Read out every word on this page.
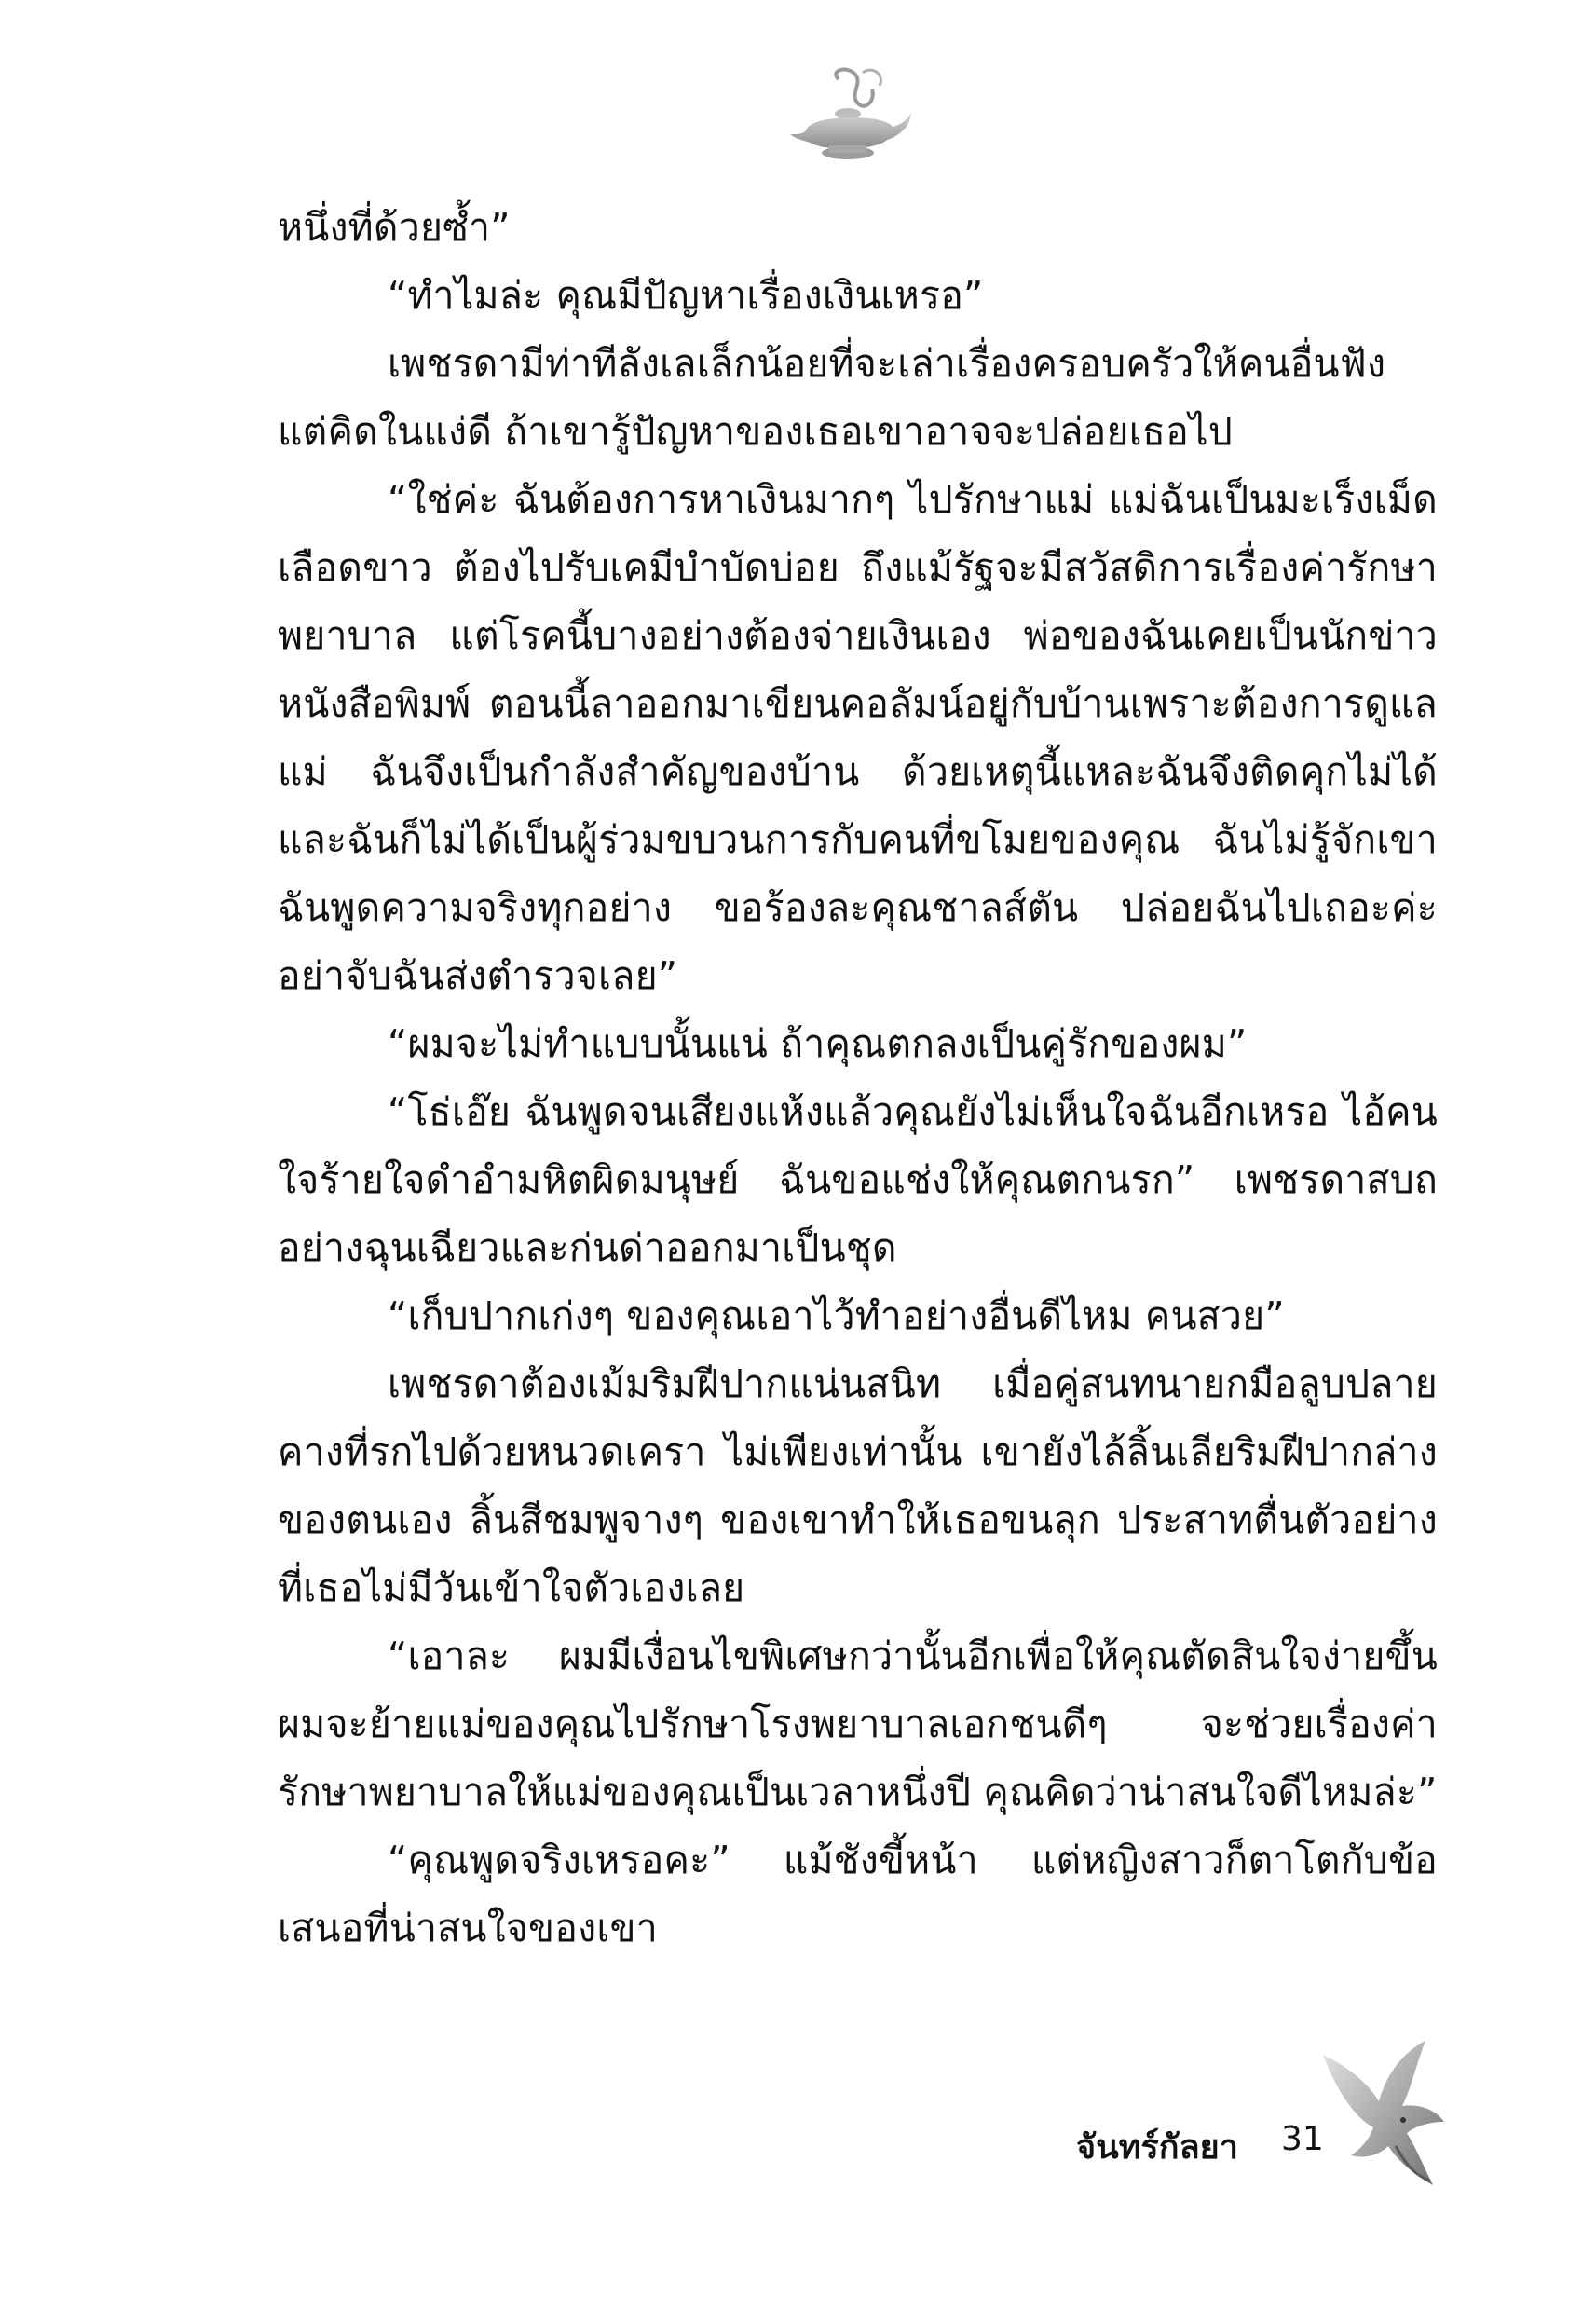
หนึ่งที่ด้วยซ้ำ”

“ทำไมล่ะ คุณมีปัญหาเรื่องเงินเหรอ”

เพชรดามีท่าทีลังเลเล็กน้อยที่จะเล่าเรื่องครอบครัวให้คนอื่นฟัง แต่คิดในแง่ดี ถ้าเขารู้ปัญหาของเธอเขาอาจจะปล่อยเธอไป

“ใช่ค่ะ ฉันต้องการหาเงินมากๆ ไปรักษาแม่ แม่ฉันเป็นมะเร็งเม็ดเลือดขาว ต้องไปรับเคมีบำบัดบ่อย ถึงแม้รัฐจะมีสวัสดิการเรื่องค่ารักษาพยาบาล แต่โรคนี้บางอย่างต้องจ่ายเงินเอง พ่อของฉันเคยเป็นนักข่าวหนังสือพิมพ์ ตอนนี้ลาออกมาเขียนคอลัมน์อยู่กับบ้านเพราะต้องการดูแลแม่ ฉันจึงเป็นกำลังสำคัญของบ้าน ด้วยเหตุนี้แหละฉันจึงติดคุกไม่ได้ และฉันก็ไม่ได้เป็นผู้ร่วมขบวนการกับคนที่ขโมยของคุณ ฉันไม่รู้จักเขา ฉันพูดความจริงทุกอย่าง ขอร้องละคุณชาลส์ตัน ปล่อยฉันไปเถอะค่ะ อย่าจับฉันส่งตำรวจเลย”

“ผมจะไม่ทำแบบนั้นแน่ ถ้าคุณตกลงเป็นคู่รักของผม”

“โธ่เอ๊ย ฉันพูดจนเสียงแห้งแล้วคุณยังไม่เห็นใจฉันอีกเหรอ ไอ้คนใจร้ายใจดำอำมหิตผิดมนุษย์ ฉันขอแช่งให้คุณตกนรก” เพชรดาสบถอย่างฉุนเฉียวและก่นด่าออกมาเป็นชุด

“เก็บปากเก่งๆ ของคุณเอาไว้ทำอย่างอื่นดีไหม คนสวย”

เพชรดาต้องเม้มริมฝีปากแน่นสนิท เมื่อคู่สนทนายกมือลูบปลายคางที่รกไปด้วยหนวดเครา ไม่เพียงเท่านั้น เขายังไล้ลิ้นเลียริมฝีปากล่างของตนเอง ลิ้นสีชมพูจางๆ ของเขาทำให้เธอขนลุก ประสาทตื่นตัวอย่างที่เธอไม่มีวันเข้าใจตัวเองเลย

“เอาละ ผมมีเงื่อนไขพิเศษกว่านั้นอีกเพื่อให้คุณตัดสินใจง่ายขึ้น ผมจะย้ายแม่ของคุณไปรักษาโรงพยาบาลเอกชนดีๆ จะช่วยเรื่องค่ารักษาพยาบาลให้แม่ของคุณเป็นเวลาหนึ่งปี คุณคิดว่าน่าสนใจดีไหมล่ะ”

“คุณพูดจริงเหรอคะ” แม้ชังขี้หน้า แต่หญิงสาวก็ตาโตกับข้อเสนอที่น่าสนใจของเขา

จันทร์กัลยา 31
